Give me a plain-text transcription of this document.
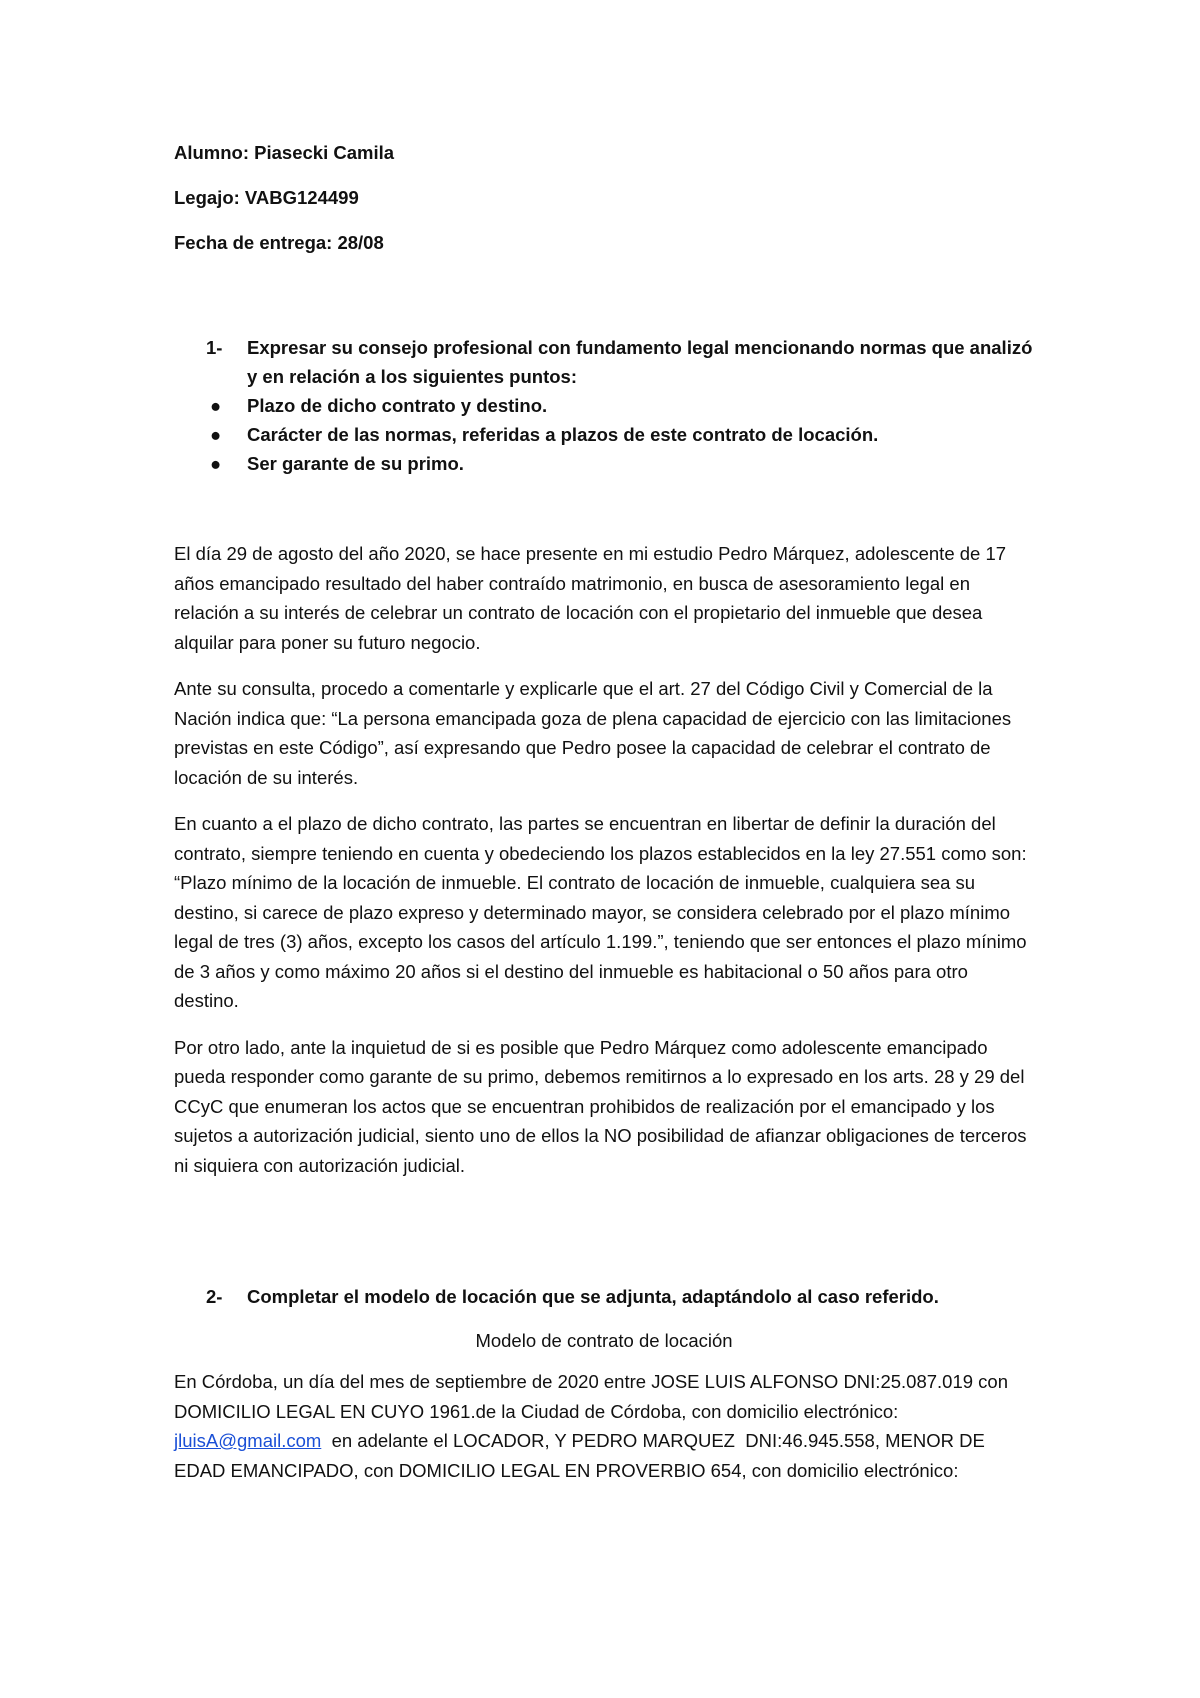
Alumno: Piasecki Camila

Legajo: VABG124499

Fecha de entrega: 28/08

1- Expresar su consejo profesional con fundamento legal mencionando normas que analizó y en relación a los siguientes puntos:
● Plazo de dicho contrato y destino.
● Carácter de las normas, referidas a plazos de este contrato de locación.
● Ser garante de su primo.

El día 29 de agosto del año 2020, se hace presente en mi estudio Pedro Márquez, adolescente de 17 años emancipado resultado del haber contraído matrimonio, en busca de asesoramiento legal en relación a su interés de celebrar un contrato de locación con el propietario del inmueble que desea alquilar para poner su futuro negocio.

Ante su consulta, procedo a comentarle y explicarle que el art. 27 del Código Civil y Comercial de la Nación indica que: “La persona emancipada goza de plena capacidad de ejercicio con las limitaciones previstas en este Código”, así expresando que Pedro posee la capacidad de celebrar el contrato de locación de su interés.

En cuanto a el plazo de dicho contrato, las partes se encuentran en libertar de definir la duración del contrato, siempre teniendo en cuenta y obedeciendo los plazos establecidos en la ley 27.551 como son: “Plazo mínimo de la locación de inmueble. El contrato de locación de inmueble, cualquiera sea su destino, si carece de plazo expreso y determinado mayor, se considera celebrado por el plazo mínimo legal de tres (3) años, excepto los casos del artículo 1.199.”, teniendo que ser entonces el plazo mínimo de 3 años y como máximo 20 años si el destino del inmueble es habitacional o 50 años para otro destino.

Por otro lado, ante la inquietud de si es posible que Pedro Márquez como adolescente emancipado pueda responder como garante de su primo, debemos remitirnos a lo expresado en los arts. 28 y 29 del CCyC que enumeran los actos que se encuentran prohibidos de realización por el emancipado y los sujetos a autorización judicial, siento uno de ellos la NO posibilidad de afianzar obligaciones de terceros ni siquiera con autorización judicial.

2- Completar el modelo de locación que se adjunta, adaptándolo al caso referido.

Modelo de contrato de locación

En Córdoba, un día del mes de septiembre de 2020 entre JOSE LUIS ALFONSO DNI:25.087.019 con DOMICILIO LEGAL EN CUYO 1961.de la Ciudad de Córdoba, con domicilio electrónico: jluisA@gmail.com  en adelante el LOCADOR, Y PEDRO MARQUEZ  DNI:46.945.558, MENOR DE EDAD EMANCIPADO, con DOMICILIO LEGAL EN PROVERBIO 654, con domicilio electrónico:
